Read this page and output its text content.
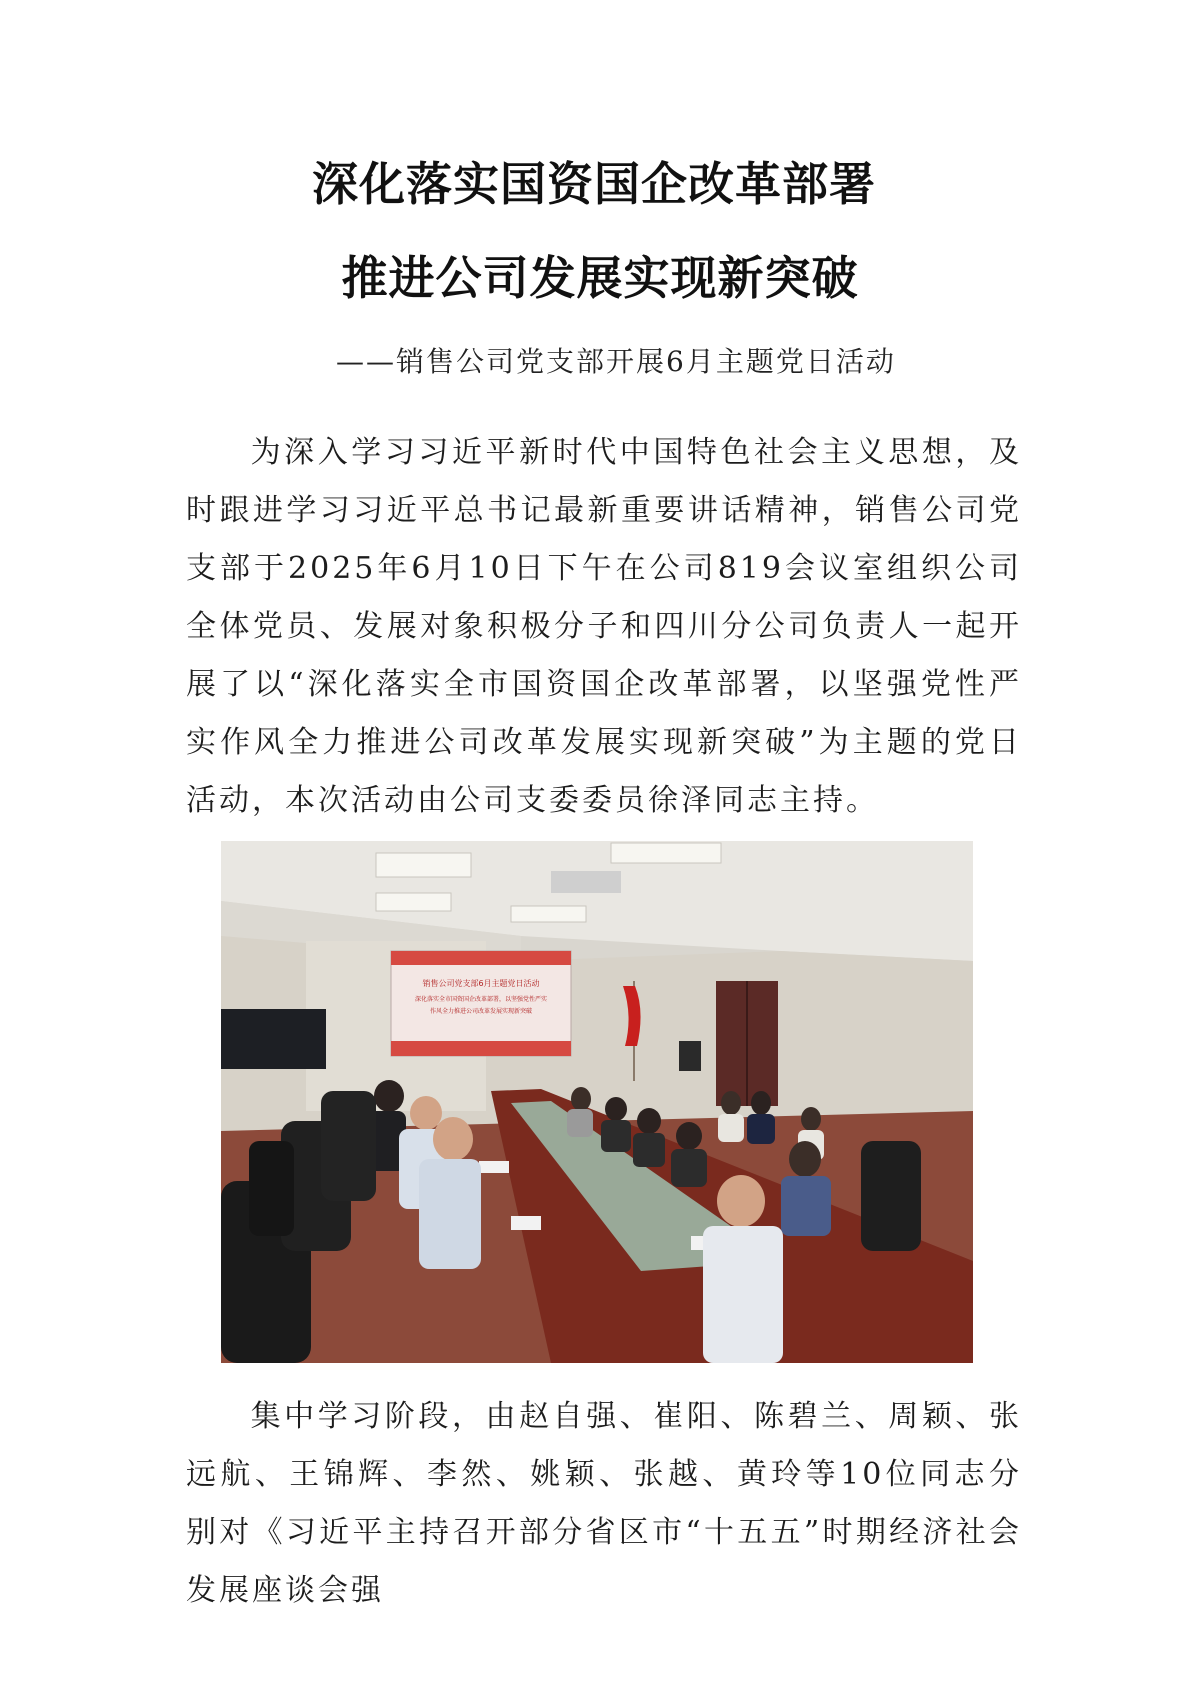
深化落实国资国企改革部署
推进公司发展实现新突破
——销售公司党支部开展6月主题党日活动
为深入学习习近平新时代中国特色社会主义思想，及时跟进学习习近平总书记最新重要讲话精神，销售公司党支部于2025年6月10日下午在公司819会议室组织公司全体党员、发展对象积极分子和四川分公司负责人一起开展了以“深化落实全市国资国企改革部署，以坚强党性严实作风全力推进公司改革发展实现新突破”为主题的党日活动，本次活动由公司支委委员徐泽同志主持。
销售公司党支部6月主题党日活动
深化落实全市国资国企改革部署，以坚强党性严实
作风全力推进公司改革发展实现新突破
集中学习阶段，由赵自强、崔阳、陈碧兰、周颖、张远航、王锦辉、李然、姚颖、张越、黄玲等10位同志分别对《习近平主持召开部分省区市“十五五”时期经济社会发展座谈会强
